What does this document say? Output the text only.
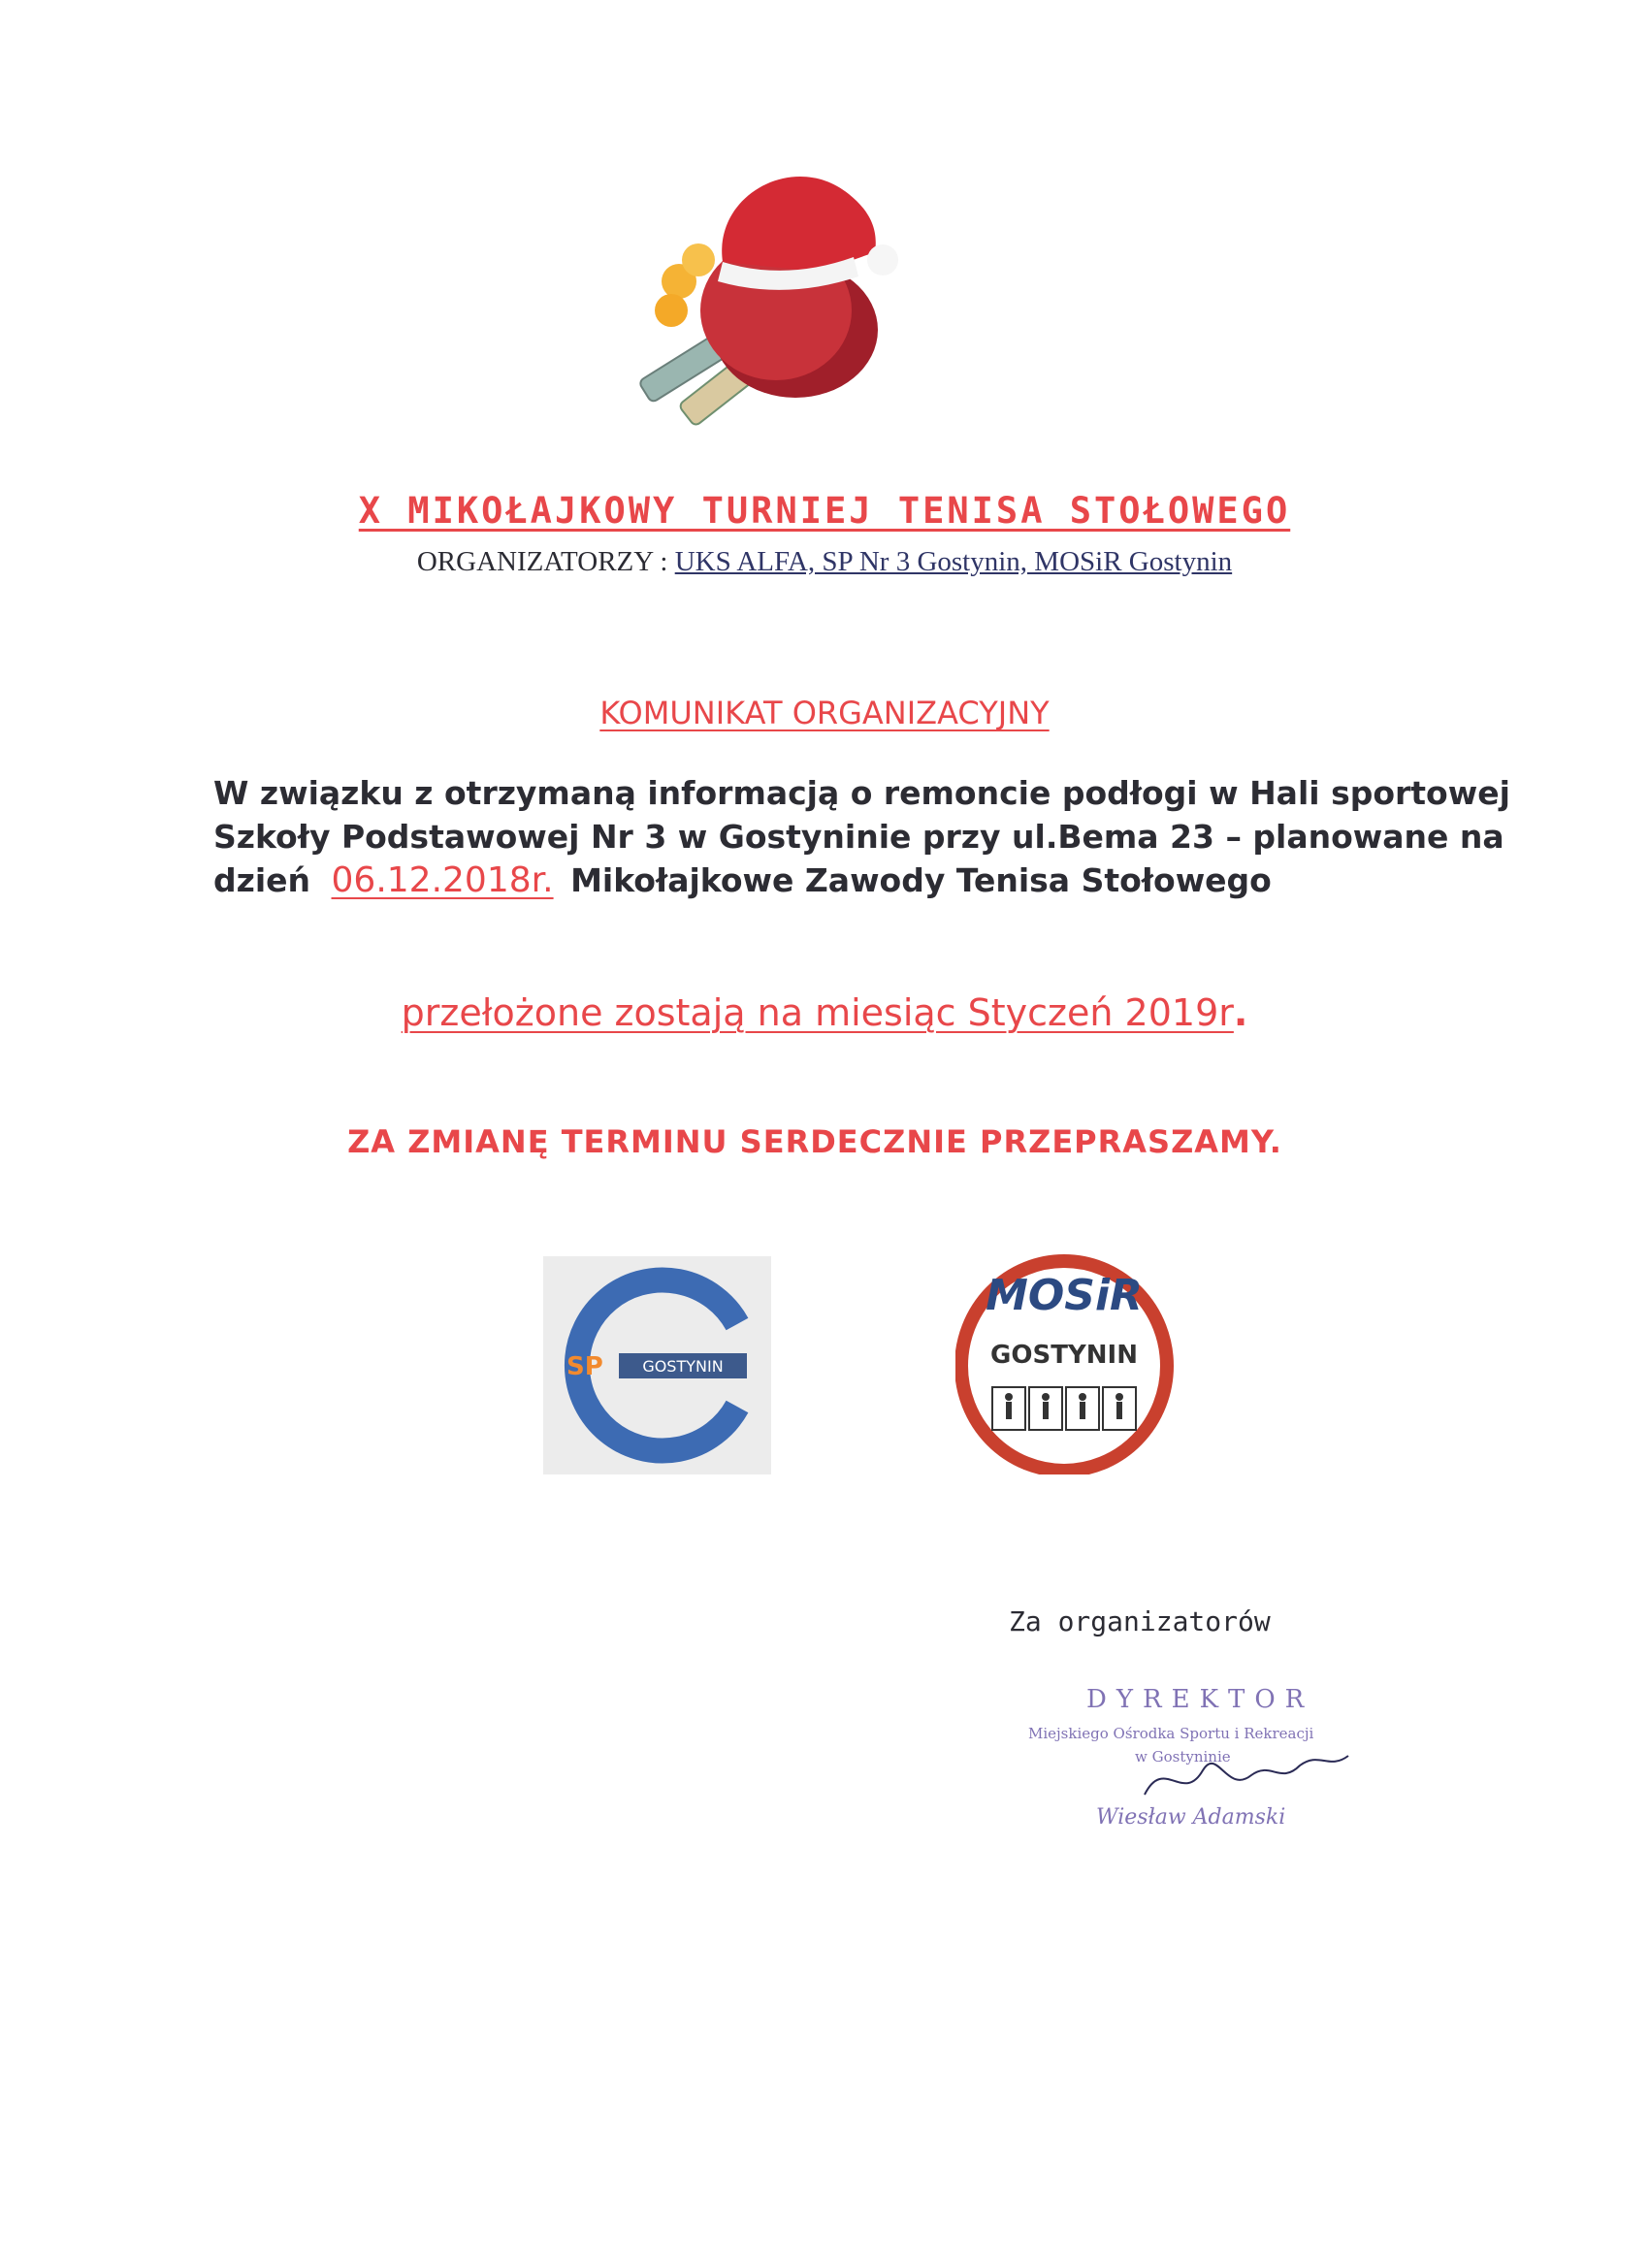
X MIKOŁAJKOWY TURNIEJ TENISA STOŁOWEGO
ORGANIZATORZY : UKS ALFA, SP Nr 3 Gostynin, MOSiR Gostynin
KOMUNIKAT ORGANIZACYJNY
W związku z otrzymaną informacją o remoncie podłogi w Hali sportowej Szkoły Podstawowej Nr 3 w Gostyninie przy ul.Bema 23 – planowane na dzień 06.12.2018r. Mikołajkowe Zawody Tenisa Stołowego
przełożone zostają na miesiąc Styczeń 2019r.
ZA ZMIANĘ TERMINU SERDECZNIE PRZEPRASZAMY.
SP	GOSTYNIN
MOSiR
GOSTYNIN
Za organizatorów
DYREKTOR
Miejskiego Ośrodka Sportu i Rekreacji
w Gostyninie
Wiesław Adamski
